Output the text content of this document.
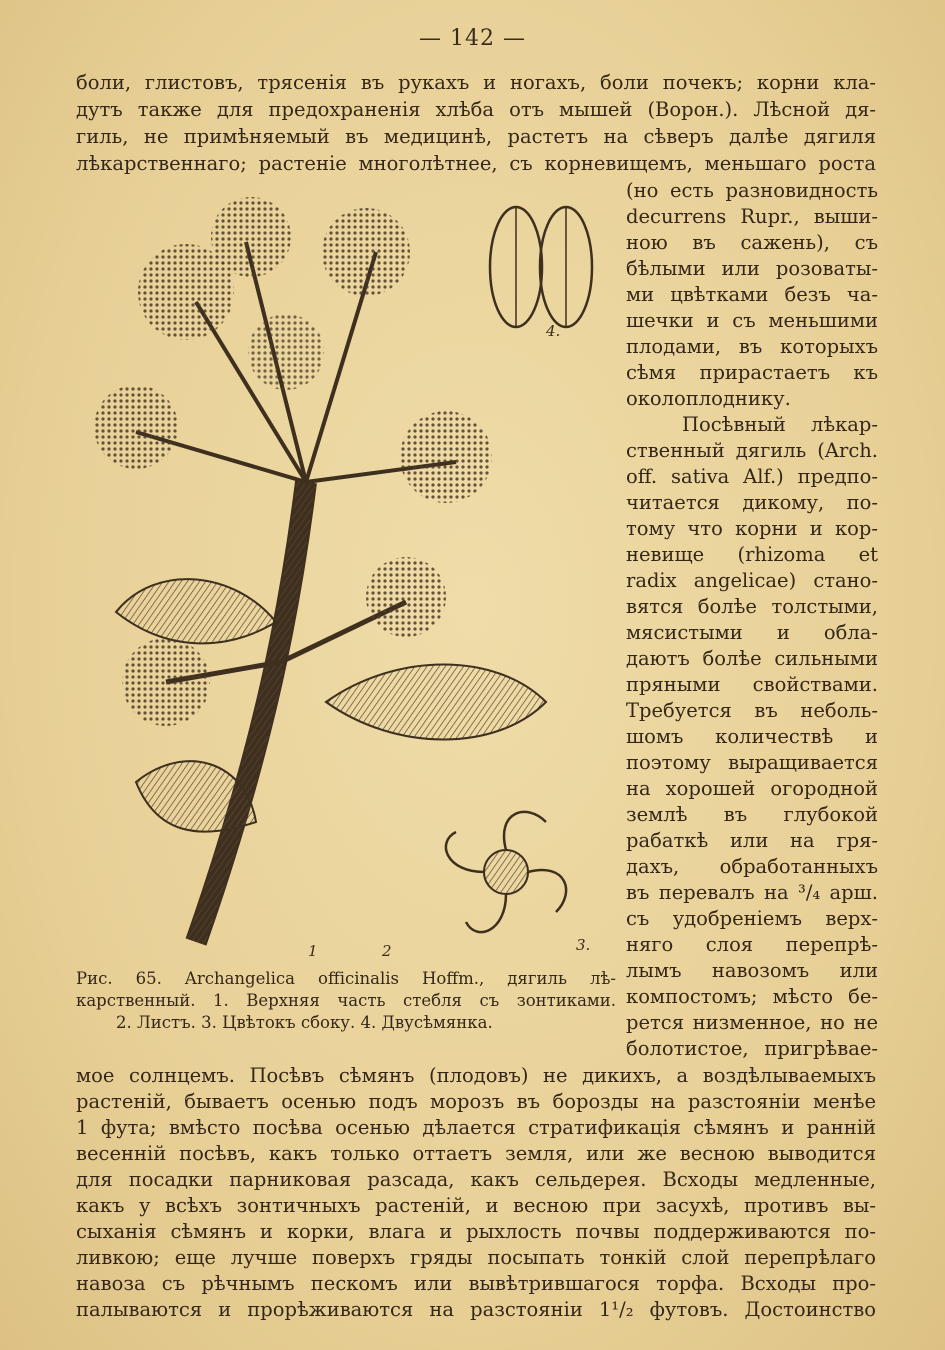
— 142 —
боли, глистовъ, трясенія въ рукахъ и ногахъ, боли почекъ; корни кла-
дутъ также для предохраненія хлѣба отъ мышей (Ворон.). Лѣсной дя-
гиль, не примѣняемый въ медицинѣ, растетъ на сѣверъ далѣе дягиля
лѣкарственнаго; растеніе многолѣтнее, съ корневищемъ, меньшаго роста
4.
1	2	3.
(но есть разновидность
decurrens Rupr., выши-
ною въ сажень), съ
бѣлыми или розоваты-
ми цвѣтками безъ ча-
шечки и съ меньшими
плодами, въ которыхъ
сѣмя прирастаетъ къ
околоплоднику.
Посѣвный лѣкар-
ственный дягиль (Arch.
off. sativa Alf.) предпо-
читается дикому, по-
тому что корни и кор-
невище (rhizoma et
radix angelicae) стано-
вятся болѣе толстыми,
мясистыми и обла-
даютъ болѣе сильными
пряными свойствами.
Требуется въ неболь-
шомъ количествѣ и
поэтому выращивается
на хорошей огородной
землѣ въ глубокой
рабаткѣ или на гря-
дахъ, обработанныхъ
въ перевалъ на ³/₄ арш.
съ удобреніемъ верх-
няго слоя перепрѣ-
лымъ навозомъ или
компостомъ; мѣсто бе-
рется низменное, но не
болотистое, пригрѣвае-
Рис. 65. Archangelica officinalis Hoffm., дягиль лѣ-
карственный. 1. Верхняя часть стебля съ зонтиками.
2. Листъ. 3. Цвѣтокъ сбоку. 4. Двусѣмянка.
мое солнцемъ. Посѣвъ сѣмянъ (плодовъ) не дикихъ, а воздѣлываемыхъ
растеній, бываетъ осенью подъ морозъ въ борозды на разстояніи менѣе
1 фута; вмѣсто посѣва осенью дѣлается стратификація сѣмянъ и ранній
весенній посѣвъ, какъ только оттаетъ земля, или же весною выводится
для посадки парниковая разсада, какъ сельдерея. Всходы медленные,
какъ у всѣхъ зонтичныхъ растеній, и весною при засухѣ, противъ вы-
сыханія сѣмянъ и корки, влага и рыхлость почвы поддерживаются по-
ливкою; еще лучше поверхъ гряды посыпать тонкій слой перепрѣлаго
навоза съ рѣчнымъ пескомъ или вывѣтрившагося торфа. Всходы про-
палываются и прорѣживаются на разстояніи 1¹/₂ футовъ. Достоинство
